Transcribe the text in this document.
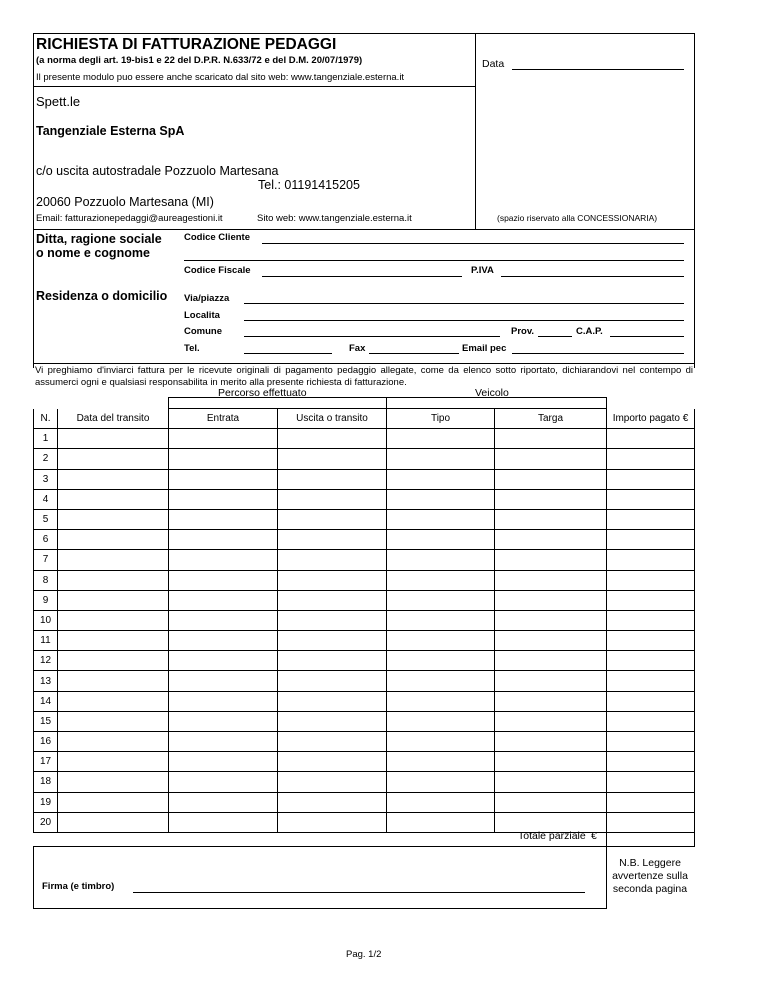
RICHIESTA DI FATTURAZIONE PEDAGGI
(a norma degli art. 19-bis1 e 22 del D.P.R. N.633/72 e del D.M. 20/07/1979)
Il presente modulo puo essere anche scaricato dal sito web: www.tangenziale.esterna.it
Data
Spett.le
Tangenziale Esterna SpA
c/o uscita autostradale Pozzuolo Martesana
Tel.: 01191415205
20060 Pozzuolo Martesana (MI)
Email: fatturazionepedaggi@aureagestioni.it	Sito web: www.tangenziale.esterna.it	(spazio riservato alla CONCESSIONARIA)
Ditta, ragione sociale
o nome e cognome
Codice Cliente
Codice Fiscale	P.IVA
Residenza o domicilio Via/piazza
Localita
Comune	Prov.	C.A.P.
Tel.	Fax	Email pec
Vi preghiamo d'inviarci fattura per le ricevute originali di pagamento pedaggio allegate, come da elenco sotto riportato, dichiarandovi nel contempo di assumerci ogni e qualsiasi responsabilita in merito alla presente richiesta di fatturazione.
Percorso effettuato	Veicolo
N.	Data del transito	Entrata	Uscita o transito	Tipo	Targa	Importo pagato €
1						
2						
3						
4						
5						
6						
7						
8						
9						
10						
11						
12						
13						
14						
15						
16						
17						
18						
19						
20						
Totale parziale €
Firma (e timbro)
N.B. Leggere
avvertenze sulla
seconda pagina
Pag. 1/2
